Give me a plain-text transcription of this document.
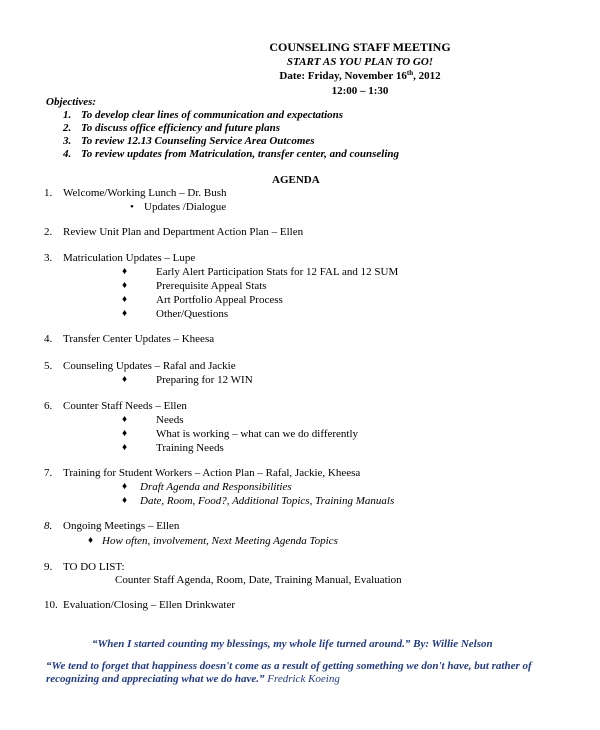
COUNSELING STAFF MEETING
START AS YOU PLAN TO GO!
Date: Friday, November 16th, 2012
12:00 – 1:30
Objectives:
1. To develop clear lines of communication and expectations
2. To discuss office efficiency and future plans
3. To review 12.13 Counseling Service Area Outcomes
4. To review updates from Matriculation, transfer center, and counseling
AGENDA
1. Welcome/Working Lunch – Dr. Bush
• Updates /Dialogue
2. Review Unit Plan and Department Action Plan – Ellen
3. Matriculation Updates – Lupe
♦	Early Alert Participation Stats for 12 FAL and 12 SUM
♦	Prerequisite Appeal Stats
♦	Art Portfolio Appeal Process
♦	Other/Questions
4. Transfer Center Updates – Kheesa
5. Counseling Updates – Rafal and Jackie
♦	Preparing for 12 WIN
6. Counter Staff Needs – Ellen
♦	Needs
♦	What is working – what can we do differently
♦	Training Needs
7. Training for Student Workers – Action Plan – Rafal, Jackie, Kheesa
♦ Draft Agenda and Responsibilities
♦ Date, Room, Food?, Additional Topics, Training Manuals
8. Ongoing Meetings – Ellen
♦ How often, involvement, Next Meeting Agenda Topics
9. TO DO LIST:
Counter Staff Agenda, Room, Date, Training Manual, Evaluation
10. Evaluation/Closing – Ellen Drinkwater
“When I started counting my blessings, my whole life turned around.” By: Willie Nelson
“We tend to forget that happiness doesn't come as a result of getting something we don't have, but rather of
recognizing and appreciating what we do have.” Fredrick Koeing
